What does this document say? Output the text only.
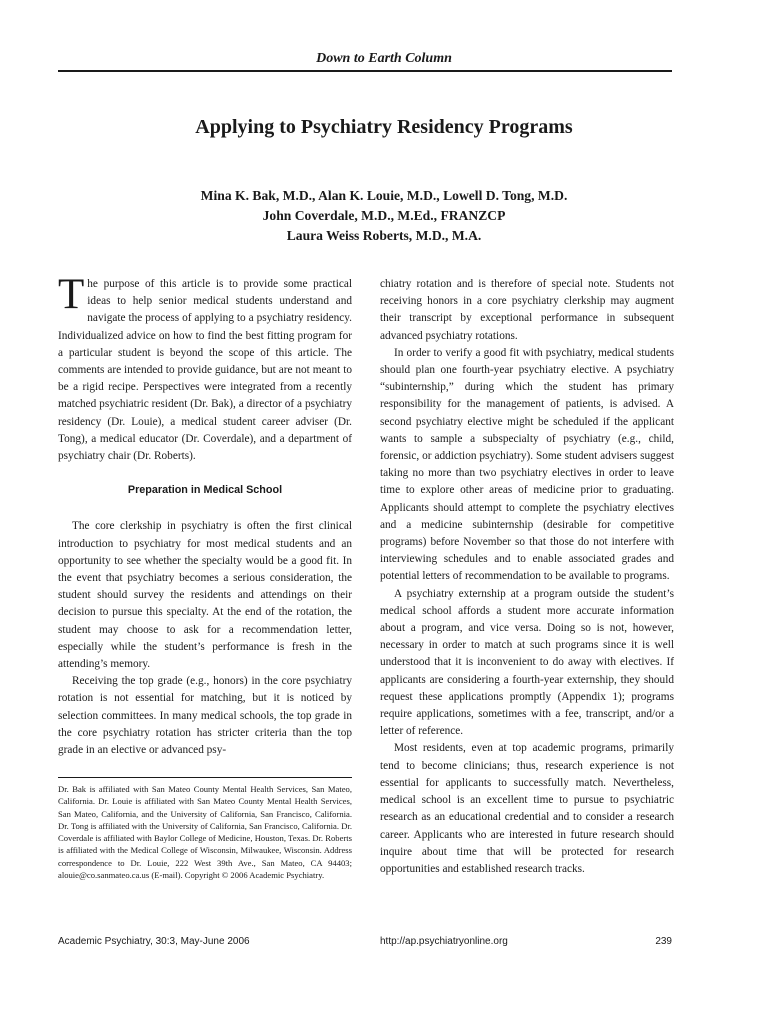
Down to Earth Column
Applying to Psychiatry Residency Programs
Mina K. Bak, M.D., Alan K. Louie, M.D., Lowell D. Tong, M.D.
John Coverdale, M.D., M.Ed., FRANZCP
Laura Weiss Roberts, M.D., M.A.

The purpose of this article is to provide some practical ideas to help senior medical students understand and navigate the process of applying to a psychiatry residency. Individualized advice on how to find the best fitting program for a particular student is beyond the scope of this article. The comments are intended to provide guidance, but are not meant to be a rigid recipe. Perspectives were integrated from a recently matched psychiatric resident (Dr. Bak), a director of a psychiatry residency (Dr. Louie), a medical student career adviser (Dr. Tong), a medical educator (Dr. Coverdale), and a department of psychiatry chair (Dr. Roberts).

Preparation in Medical School

The core clerkship in psychiatry is often the first clinical introduction to psychiatry for most medical students and an opportunity to see whether the specialty would be a good fit. In the event that psychiatry becomes a serious consideration, the student should survey the residents and attendings on their decision to pursue this specialty. At the end of the rotation, the student may choose to ask for a recommendation letter, especially while the student’s performance is fresh in the attending’s memory.

Receiving the top grade (e.g., honors) in the core psychiatry rotation is not essential for matching, but it is noticed by selection committees. In many medical schools, the top grade in the core psychiatry rotation has stricter criteria than the top grade in an elective or advanced psy-

Dr. Bak is affiliated with San Mateo County Mental Health Services, San Mateo, California. Dr. Louie is affiliated with San Mateo County Mental Health Services, San Mateo, California, and the University of California, San Francisco, California. Dr. Tong is affiliated with the University of California, San Francisco, California. Dr. Coverdale is affiliated with Baylor College of Medicine, Houston, Texas. Dr. Roberts is affiliated with the Medical College of Wisconsin, Milwaukee, Wisconsin. Address correspondence to Dr. Louie, 222 West 39th Ave., San Mateo, CA 94403; alouie@co.sanmateo.ca.us (E-mail). Copyright © 2006 Academic Psychiatry.

chiatry rotation and is therefore of special note. Students not receiving honors in a core psychiatry clerkship may augment their transcript by exceptional performance in subsequent advanced psychiatry rotations.

In order to verify a good fit with psychiatry, medical students should plan one fourth-year psychiatry elective. A psychiatry “subinternship,” during which the student has primary responsibility for the management of patients, is advised. A second psychiatry elective might be scheduled if the applicant wants to sample a subspecialty of psychiatry (e.g., child, forensic, or addiction psychiatry). Some student advisers suggest taking no more than two psychiatry electives in order to leave time to explore other areas of medicine prior to graduating. Applicants should attempt to complete the psychiatry electives and a medicine subinternship (desirable for competitive programs) before November so that those do not interfere with interviewing schedules and to enable associated grades and potential letters of recommendation to be available to programs.

A psychiatry externship at a program outside the student’s medical school affords a student more accurate information about a program, and vice versa. Doing so is not, however, necessary in order to match at such programs since it is well understood that it is inconvenient to do away with electives. If applicants are considering a fourth-year externship, they should request these applications promptly (Appendix 1); programs require applications, sometimes with a fee, transcript, and/or a letter of reference.

Most residents, even at top academic programs, primarily tend to become clinicians; thus, research experience is not essential for applicants to successfully match. Nevertheless, medical school is an excellent time to pursue to psychiatric research as an educational credential and to consider a research career. Applicants who are interested in future research should inquire about time that will be protected for research opportunities and established research tracks.

Academic Psychiatry, 30:3, May-June 2006	http://ap.psychiatryonline.org	239
